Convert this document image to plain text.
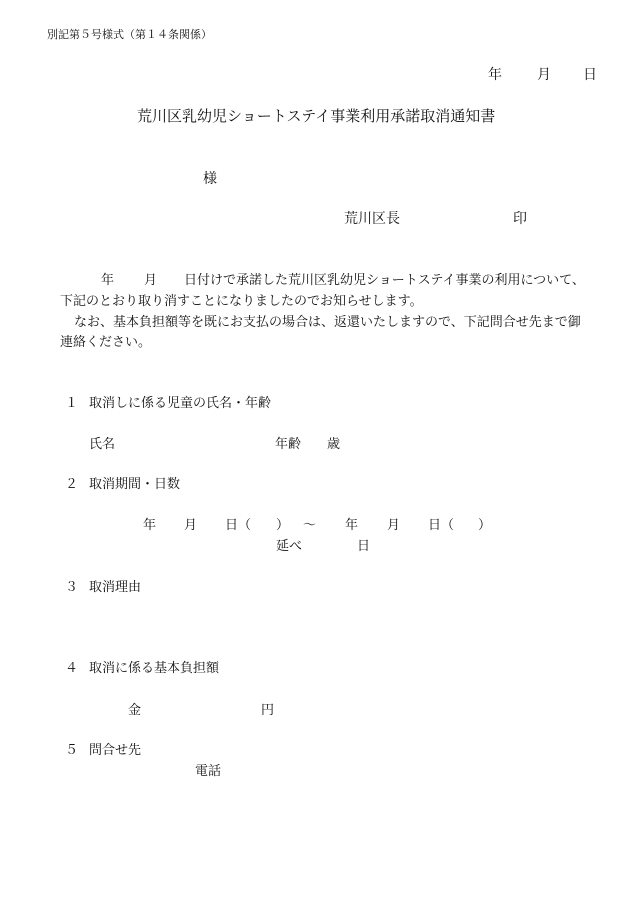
別記第５号様式（第１４条関係）
年	月 日
荒川区乳幼児ショートステイ事業利用承諾取消通知書
様
荒川区長	印
年 月 日付けで承諾した荒川区乳幼児ショートステイ事業の利用について、
下記のとおり取り消すことになりましたのでお知らせします。
なお、基本負担額等を既にお支払の場合は、返還いたしますので、下記問合せ先まで御
連絡ください。
１ 取消しに係る児童の氏名・年齢
氏名	年齢 歳
２ 取消期間・日数
年 月 日（ ） ～ 年 月 日（ ）
延べ	日
３ 取消理由
４ 取消に係る基本負担額
金	円
５ 問合せ先
電話
